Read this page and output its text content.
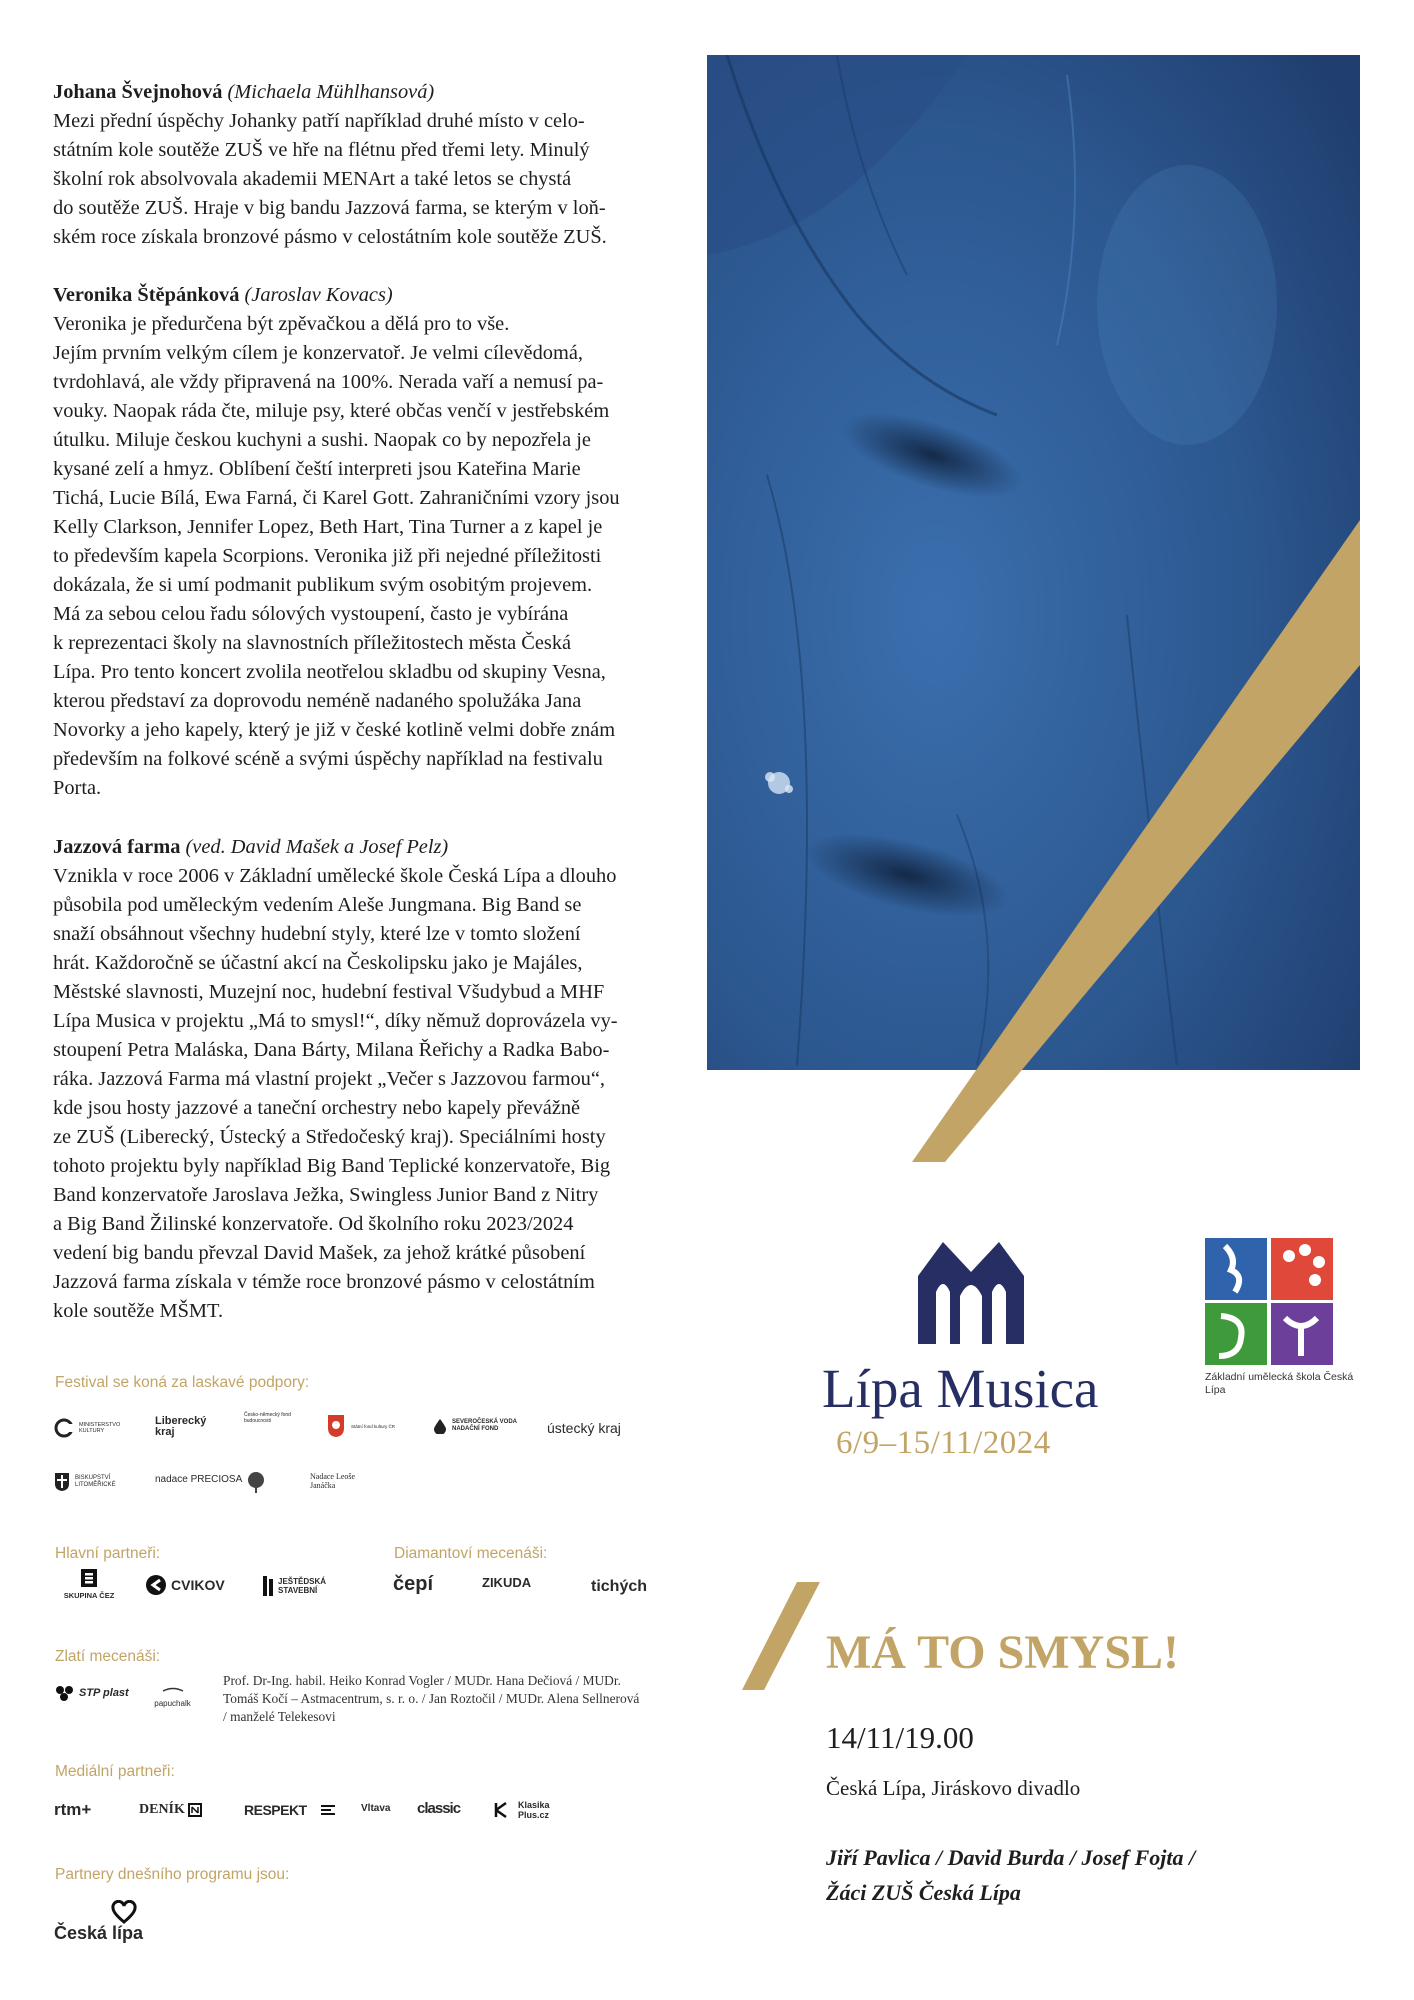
Johana Švejnohová (Michaela Mühlhansová)

Mezi přední úspěchy Johanky patří například druhé místo v celo-

státním kole soutěže ZUŠ ve hře na flétnu před třemi lety. Minulý

školní rok absolvovala akademii MENArt a také letos se chystá

do soutěže ZUŠ. Hraje v big bandu Jazzová farma, se kterým v loň-

ském roce získala bronzové pásmo v celostátním kole soutěže ZUŠ.

Veronika Štěpánková (Jaroslav Kovacs)

Veronika je předurčena být zpěvačkou a dělá pro to vše.

Jejím prvním velkým cílem je konzervatoř. Je velmi cílevědomá,

tvrdohlavá, ale vždy připravená na 100%. Nerada vaří a nemusí pa-

vouky. Naopak ráda čte, miluje psy, které občas venčí v jestřebském

útulku. Miluje českou kuchyni a sushi. Naopak co by nepozřela je

kysané zelí a hmyz. Oblíbení čeští interpreti jsou Kateřina Marie

Tichá, Lucie Bílá, Ewa Farná, či Karel Gott. Zahraničními vzory jsou

Kelly Clarkson, Jennifer Lopez, Beth Hart, Tina Turner a z kapel je

to především kapela Scorpions. Veronika již při nejedné příležitosti

dokázala, že si umí podmanit publikum svým osobitým projevem.

Má za sebou celou řadu sólových vystoupení, často je vybírána

k reprezentaci školy na slavnostních příležitostech města Česká

Lípa. Pro tento koncert zvolila neotřelou skladbu od skupiny Vesna,

kterou představí za doprovodu neméně nadaného spolužáka Jana

Novorky a jeho kapely, který je již v české kotlině velmi dobře znám

především na folkové scéně a svými úspěchy například na festivalu

Porta.

Jazzová farma (ved. David Mašek a Josef Pelz)

Vznikla v roce 2006 v Základní umělecké škole Česká Lípa a dlouho

působila pod uměleckým vedením Aleše Jungmana. Big Band se

snaží obsáhnout všechny hudební styly, které lze v tomto složení

hrát. Každoročně se účastní akcí na Českolipsku jako je Majáles,

Městské slavnosti, Muzejní noc, hudební festival Všudybud a MHF

Lípa Musica v projektu „Má to smysl!“, díky němuž doprovázela vy-

stoupení Petra Maláska, Dana Bárty, Milana Řeřichy a Radka Babo-

ráka. Jazzová Farma má vlastní projekt „Večer s Jazzovou farmou“,

kde jsou hosty jazzové a taneční orchestry nebo kapely převážně

ze ZUŠ (Liberecký, Ústecký a Středočeský kraj). Speciálními hosty

tohoto projektu byly například Big Band Teplické konzervatoře, Big

Band konzervatoře Jaroslava Ježka, Swingless Junior Band z Nitry

a Big Band Žilinské konzervatoře. Od školního roku 2023/2024

vedení big bandu převzal David Mašek, za jehož krátké působení

Jazzová farma získala v témže roce bronzové pásmo v celostátním

kole soutěže MŠMT.

Festival se koná za laskavé podpory:
MINISTERSTVO KULTURY
Liberecký kraj
Česko-německý fond budoucnosti
Státní fond kultury ČR
SEVEROČESKÁ VODA NADAČNÍ FOND	ústecký kraj
BISKUPSTVÍ LITOMĚŘICKÉ	nadace PRECIOSA	Nadace Leoše Janáčka
Hlavní partneři:	Diamantoví mecenáši:
SKUPINA ČEZ
CVIKOV	JEŠTĚDSKÁ STAVEBNÍ	čepí	ZIKUDA	tichých
Zlatí mecenáši:
STP plast
papuchalk
Prof. Dr-Ing. habil. Heiko Konrad Vogler / MUDr. Hana Dečiová / MUDr. Tomáš Kočí – Astmacentrum, s. r. o. / Jan Roztočil / MUDr. Alena Sellnerová / manželé Telekesovi
Mediální partneři:
rtm+	DENÍK	RESPEKT	Vltava classic	Klasika Plus.cz
Partnery dnešního programu jsou:
Česká lípa
Lípa Musica
6/9–15/11/2024
Základní umělecká škola Česká Lípa
MÁ TO SMYSL!
14/11/19.00
Česká Lípa, Jiráskovo divadlo
Jiří Pavlica / David Burda / Josef Fojta /
Žáci ZUŠ Česká Lípa
